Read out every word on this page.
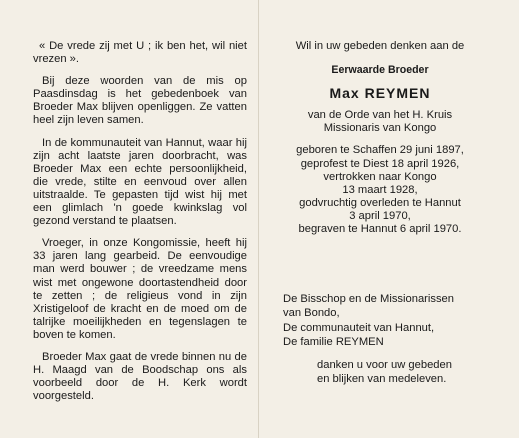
« De vrede zij met U ; ik ben het, wil niet vrezen ».

Bij deze woorden van de mis op Paasdinsdag is het gebedenboek van Broeder Max blijven openliggen. Ze vatten heel zijn leven samen.

In de kommunauteit van Hannut, waar hij zijn acht laatste jaren doorbracht, was Broeder Max een echte persoonlijkheid, die vrede, stilte en eenvoud over allen uitstraalde. Te gepasten tijd wist hij met een glimlach 'n goede kwinkslag vol gezond verstand te plaatsen.

Vroeger, in onze Kongomissie, heeft hij 33 jaren lang gearbeid. De eenvoudige man werd bouwer ; de vreedzame mens wist met ongewone doortastendheid door te zetten ; de religieus vond in zijn Xristigeloof de kracht en de moed om de talrijke moeilijkheden en tegenslagen te boven te komen.

Broeder Max gaat de vrede binnen nu de H. Maagd van de Boodschap ons als voorbeeld door de H. Kerk wordt voorgesteld.

Wil in uw gebeden denken aan de
Eerwaarde Broeder
Max REYMEN
van de Orde van het H. Kruis
Missionaris van Kongo
geboren te Schaffen 29 juni 1897,
geprofest te Diest 18 april 1926,
vertrokken naar Kongo
13 maart 1928,
godvruchtig overleden te Hannut
3 april 1970,
begraven te Hannut 6 april 1970.
De Bisschop en de Missionarissen
van Bondo,
De communauteit van Hannut,
De familie REYMEN
danken u voor uw gebeden
en blijken van medeleven.
